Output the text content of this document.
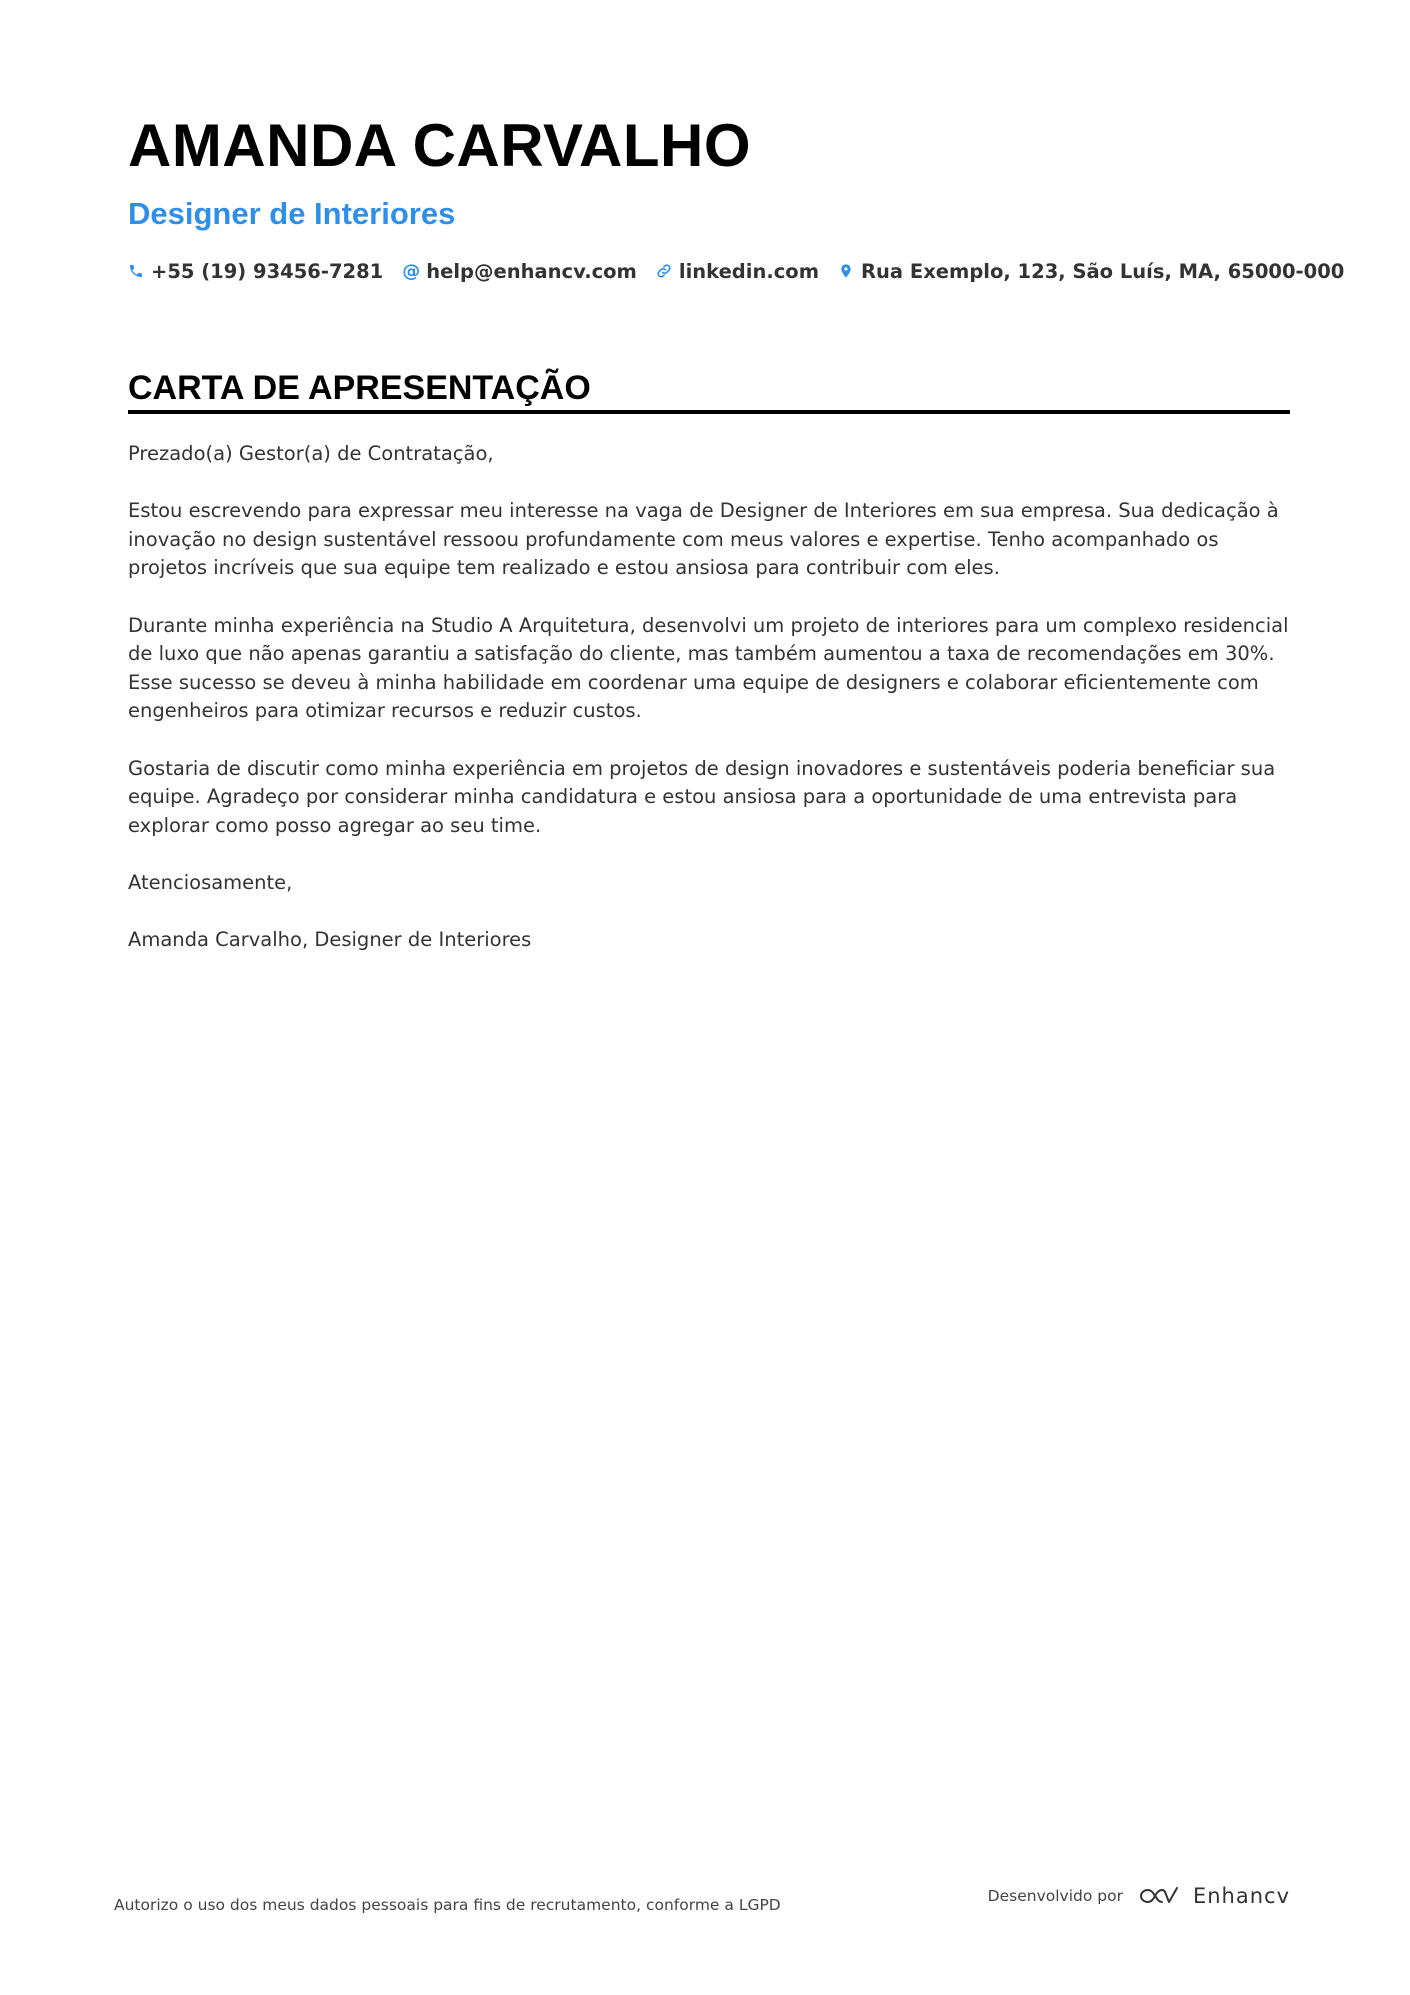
AMANDA CARVALHO
Designer de Interiores
+55 (19) 93456-7281 @ help@enhancv.com linkedin.com Rua Exemplo, 123, São Luís, MA, 65000-000
CARTA DE APRESENTAÇÃO

Prezado(a) Gestor(a) de Contratação,

Estou escrevendo para expressar meu interesse na vaga de Designer de Interiores em sua empresa. Sua dedicação à inovação no design sustentável ressoou profundamente com meus valores e expertise. Tenho acompanhado os projetos incríveis que sua equipe tem realizado e estou ansiosa para contribuir com eles.

Durante minha experiência na Studio A Arquitetura, desenvolvi um projeto de interiores para um complexo residencial de luxo que não apenas garantiu a satisfação do cliente, mas também aumentou a taxa de recomendações em 30%. Esse sucesso se deveu à minha habilidade em coordenar uma equipe de designers e colaborar eficientemente com engenheiros para otimizar recursos e reduzir custos.

Gostaria de discutir como minha experiência em projetos de design inovadores e sustentáveis poderia beneficiar sua equipe. Agradeço por considerar minha candidatura e estou ansiosa para a oportunidade de uma entrevista para explorar como posso agregar ao seu time.

Atenciosamente,

Amanda Carvalho, Designer de Interiores

Autorizo o uso dos meus dados pessoais para fins de recrutamento, conforme a LGPD	Desenvolvido por	Enhancv
